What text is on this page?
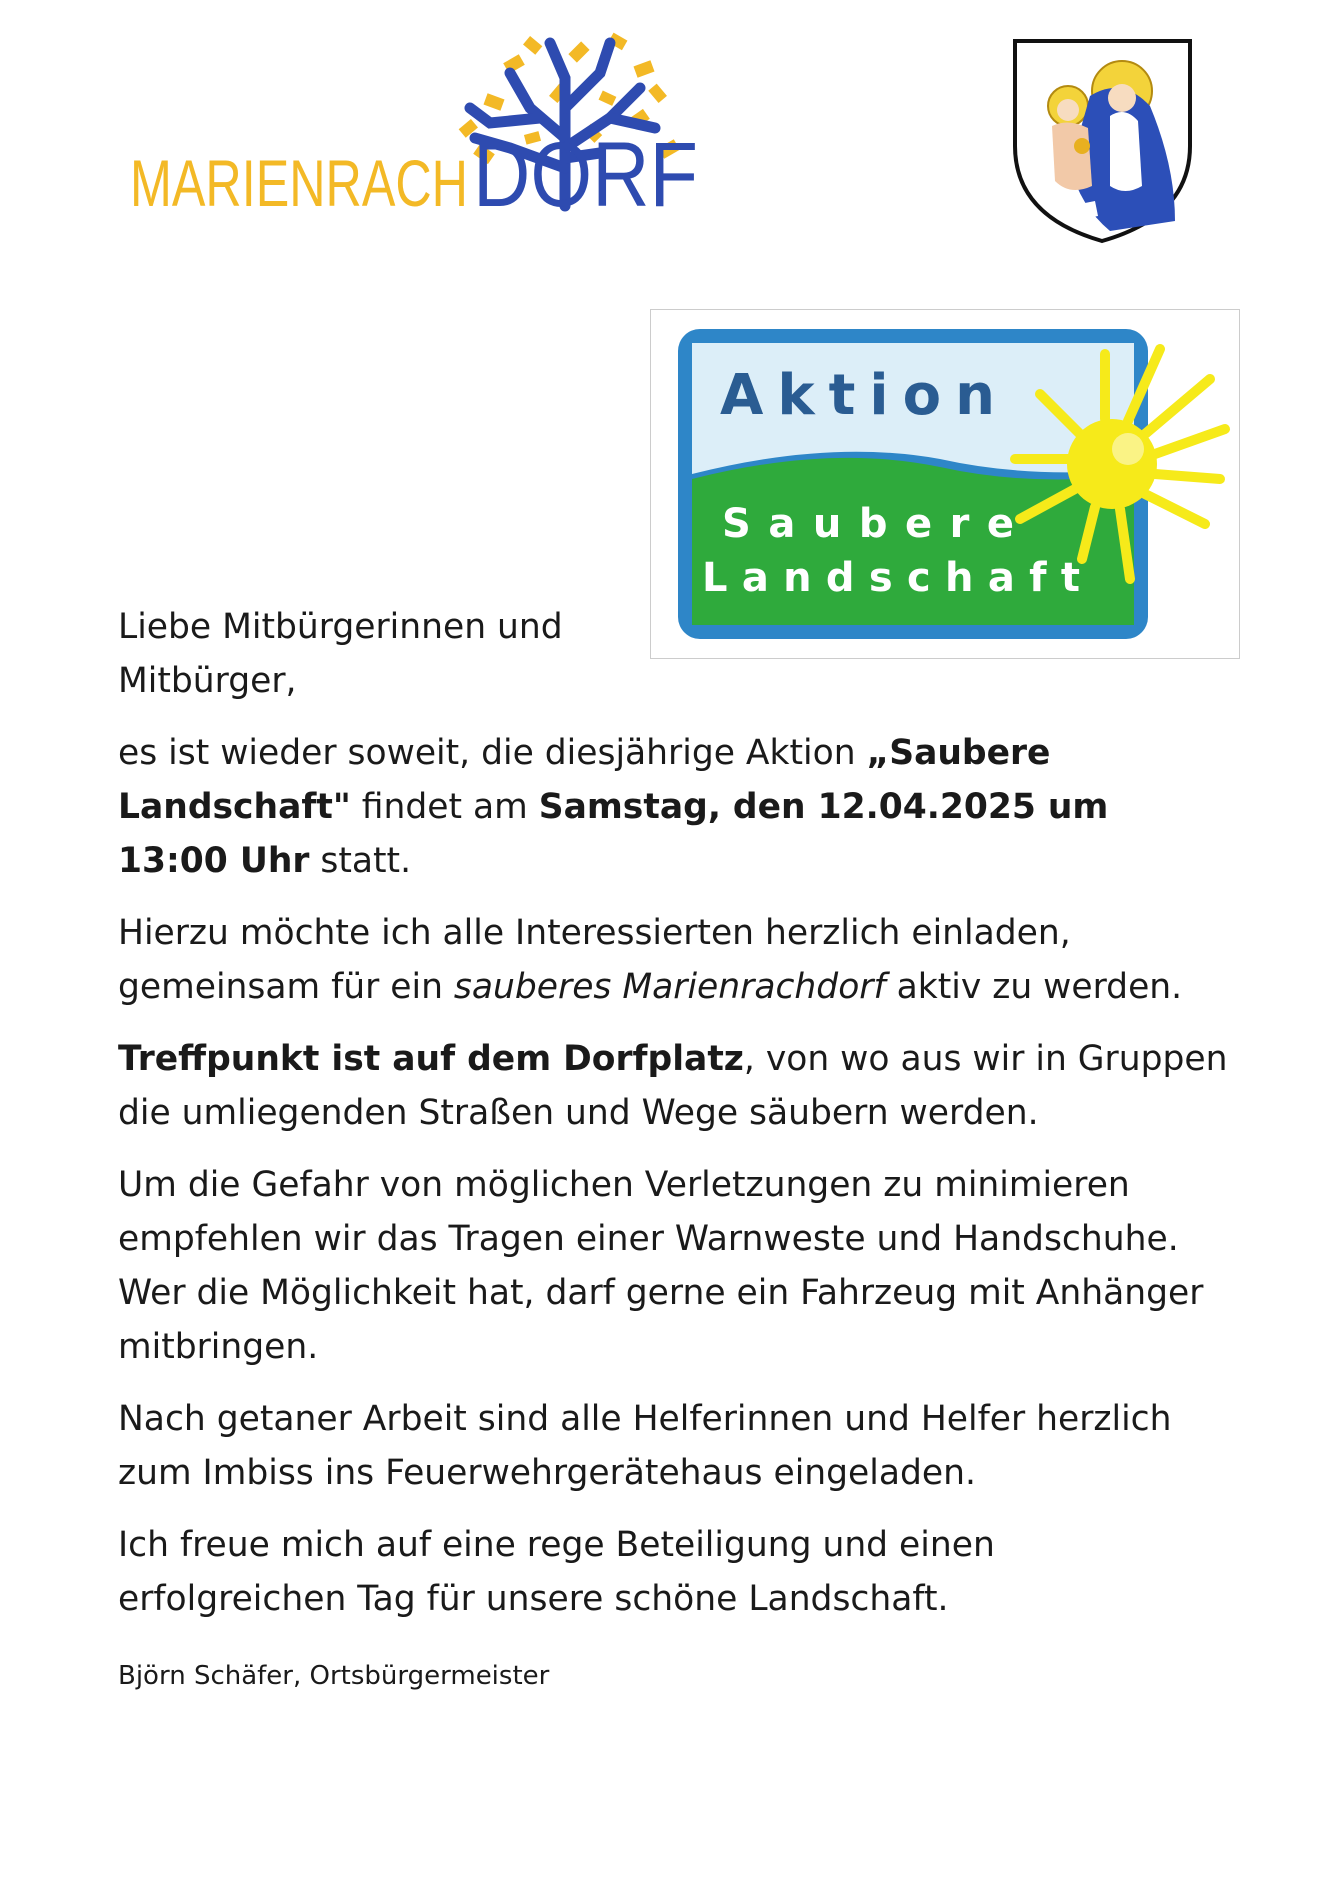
MARIENRACH DORF
Aktion
Saubere
Landschaft

Liebe Mitbürgerinnen und Mitbürger,

es ist wieder soweit, die diesjährige Aktion „Saubere Landschaft" findet am Samstag, den 12.04.2025 um 13:00 Uhr statt.

Hierzu möchte ich alle Interessierten herzlich einladen, gemeinsam für ein sauberes Marienrachdorf aktiv zu werden.

Treffpunkt ist auf dem Dorfplatz, von wo aus wir in Gruppen die umliegenden Straßen und Wege säubern werden.

Um die Gefahr von möglichen Verletzungen zu minimieren empfehlen wir das Tragen einer Warnweste und Handschuhe. Wer die Möglichkeit hat, darf gerne ein Fahrzeug mit Anhänger mitbringen.

Nach getaner Arbeit sind alle Helferinnen und Helfer herzlich zum Imbiss ins Feuerwehrgerätehaus eingeladen.

Ich freue mich auf eine rege Beteiligung und einen erfolgreichen Tag für unsere schöne Landschaft.

Björn Schäfer, Ortsbürgermeister
